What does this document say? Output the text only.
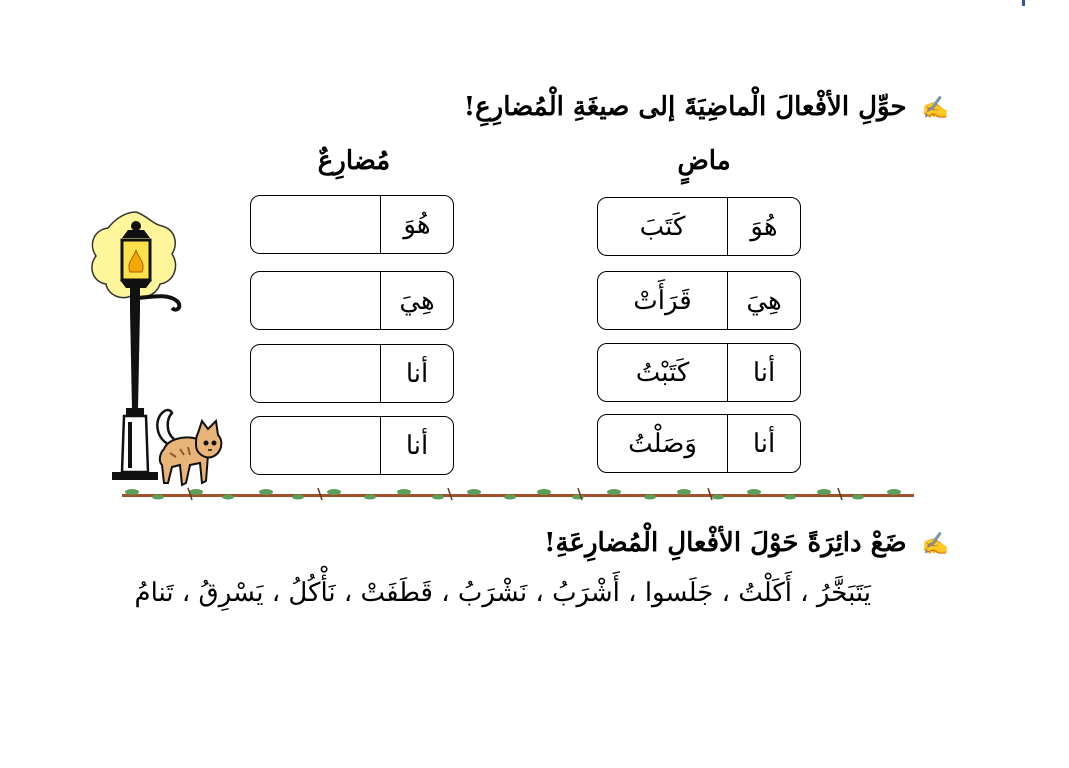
✍ حوِّلِ الأفْعالَ الْماضِيَةَ إلى صيغَةِ الْمُضارِعِ!
ماضٍ
مُضارِعٌ
هُوَ
كَتَبَ
هِيَ
قَرَأَتْ
أنا
كَتَبْتُ
أنا
وَصَلْتُ
هُوَ
هِيَ
أنا
أنا
✍ ضَعْ دائِرَةً حَوْلَ الأفْعالِ الْمُضارِعَةِ!
يَتَبَخَّرُ ، أَكَلْتُ ، جَلَسوا ، أَشْرَبُ ، نَشْرَبُ ، قَطَفَتْ ، نَأْكُلُ ، يَسْرِقُ ، تَنامُ
